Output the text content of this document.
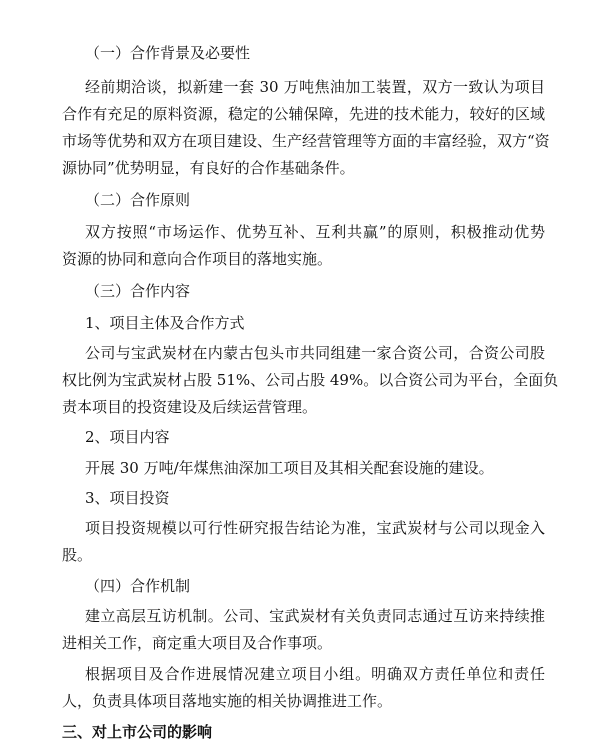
（一）合作背景及必要性
经前期洽谈，拟新建一套 30 万吨焦油加工装置，双方一致认为项目
合作有充足的原料资源，稳定的公辅保障，先进的技术能力，较好的区域
市场等优势和双方在项目建设、生产经营管理等方面的丰富经验，双方“资
源协同”优势明显，有良好的合作基础条件。
（二）合作原则
双方按照“市场运作、优势互补、互利共赢”的原则，积极推动优势
资源的协同和意向合作项目的落地实施。
（三）合作内容
1、项目主体及合作方式
公司与宝武炭材在内蒙古包头市共同组建一家合资公司，合资公司股
权比例为宝武炭材占股 51%、公司占股 49%。以合资公司为平台，全面负
责本项目的投资建设及后续运营管理。
2、项目内容
开展 30 万吨/年煤焦油深加工项目及其相关配套设施的建设。
3、项目投资
项目投资规模以可行性研究报告结论为准，宝武炭材与公司以现金入
股。
（四）合作机制
建立高层互访机制。公司、宝武炭材有关负责同志通过互访来持续推
进相关工作，商定重大项目及合作事项。
根据项目及合作进展情况建立项目小组。明确双方责任单位和责任
人，负责具体项目落地实施的相关协调推进工作。
三、对上市公司的影响
